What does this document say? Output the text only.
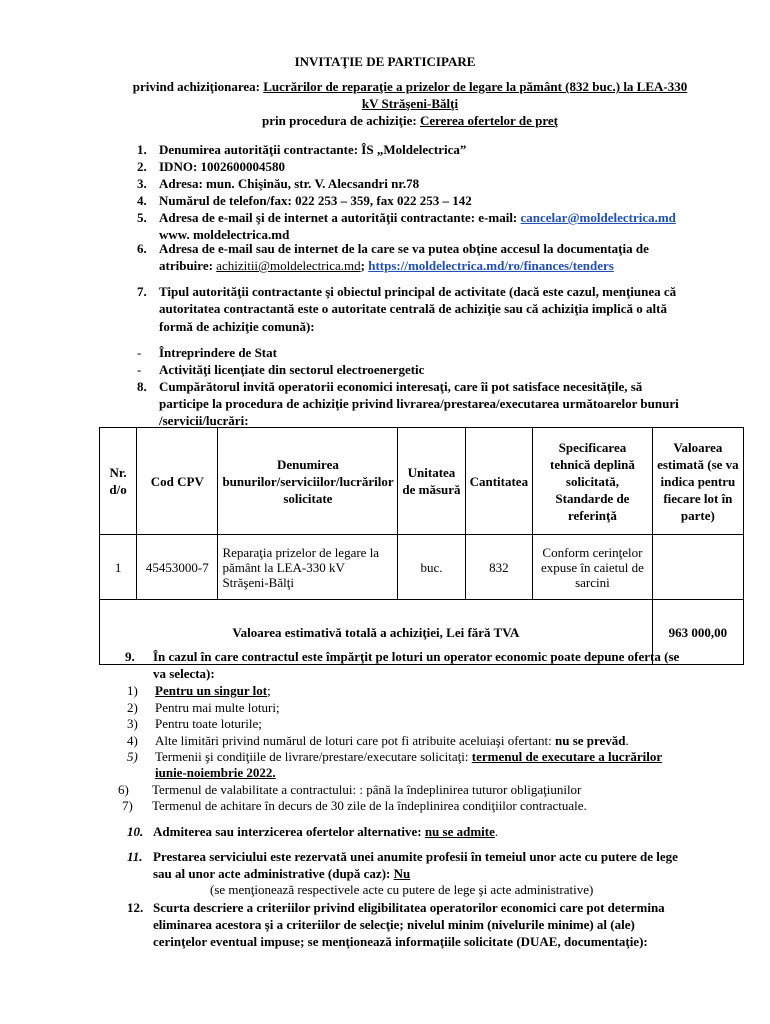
INVITAŢIE DE PARTICIPARE
privind achiziţionarea: Lucrărilor de reparaţie a prizelor de legare la pământ (832 buc.) la LEA-330
kV Străşeni-Bălţi
prin procedura de achiziţie: Cererea ofertelor de preţ
1. Denumirea autorităţii contractante: ÎS „Moldelectrica”
2. IDNO: 1002600004580
3. Adresa: mun. Chişinău, str. V. Alecsandri nr.78
4. Numărul de telefon/fax: 022 253 – 359, fax 022 253 – 142
5. Adresa de e-mail şi de internet a autorităţii contractante: e-mail: cancelar@moldelectrica.md
www. moldelectrica.md
6. Adresa de e-mail sau de internet de la care se va putea obţine accesul la documentaţia de
atribuire: achizitii@moldelectrica.md; https://moldelectrica.md/ro/finances/tenders
7. Tipul autorităţii contractante şi obiectul principal de activitate (dacă este cazul, menţiunea că
autoritatea contractantă este o autoritate centrală de achiziţie sau că achiziţia implică o altă
formă de achiziţie comună):
- Întreprindere de Stat
- Activităţi licenţiate din sectorul electroenergetic
8. Cumpărătorul invită operatorii economici interesaţi, care îi pot satisface necesităţile, să
participe la procedura de achiziţie privind livrarea/prestarea/executarea următoarelor bunuri
/servicii/lucrări:
Nr. d/o	Cod CPV	Denumirea bunurilor/serviciilor/lucrărilor solicitate	Unitatea de măsură	Cantitatea	Specificarea tehnică deplină solicitată, Standarde de referinţă	Valoarea estimată (se va indica pentru fiecare lot în parte)
1	45453000-7	Reparaţia prizelor de legare la pământ la LEA-330 kV Străşeni-Bălţi	buc.	832	Conform cerinţelor expuse în caietul de sarcini	
Valoarea estimativă totală a achiziţiei, Lei fără TVA						963 000,00
9. În cazul în care contractul este împărţit pe loturi un operator economic poate depune oferta (se
va selecta):
1) Pentru un singur lot;
2) Pentru mai multe loturi;
3) Pentru toate loturile;
4) Alte limitări privind numărul de loturi care pot fi atribuite aceluiaşi ofertant: nu se prevăd.
5) Termenii şi condiţiile de livrare/prestare/executare solicitaţi: termenul de executare a lucrărilor
iunie-noiembrie 2022.
6) Termenul de valabilitate a contractului: : până la îndeplinirea tuturor obligaţiunilor
7) Termenul de achitare în decurs de 30 zile de la îndeplinirea condiţiilor contractuale.
10. Admiterea sau interzicerea ofertelor alternative: nu se admite.
11. Prestarea serviciului este rezervată unei anumite profesii în temeiul unor acte cu putere de lege
sau al unor acte administrative (după caz): Nu
(se menţionează respectivele acte cu putere de lege şi acte administrative)
12. Scurta descriere a criteriilor privind eligibilitatea operatorilor economici care pot determina
eliminarea acestora şi a criteriilor de selecţie; nivelul minim (nivelurile minime) al (ale)
cerinţelor eventual impuse; se menţionează informaţiile solicitate (DUAE, documentaţie):
